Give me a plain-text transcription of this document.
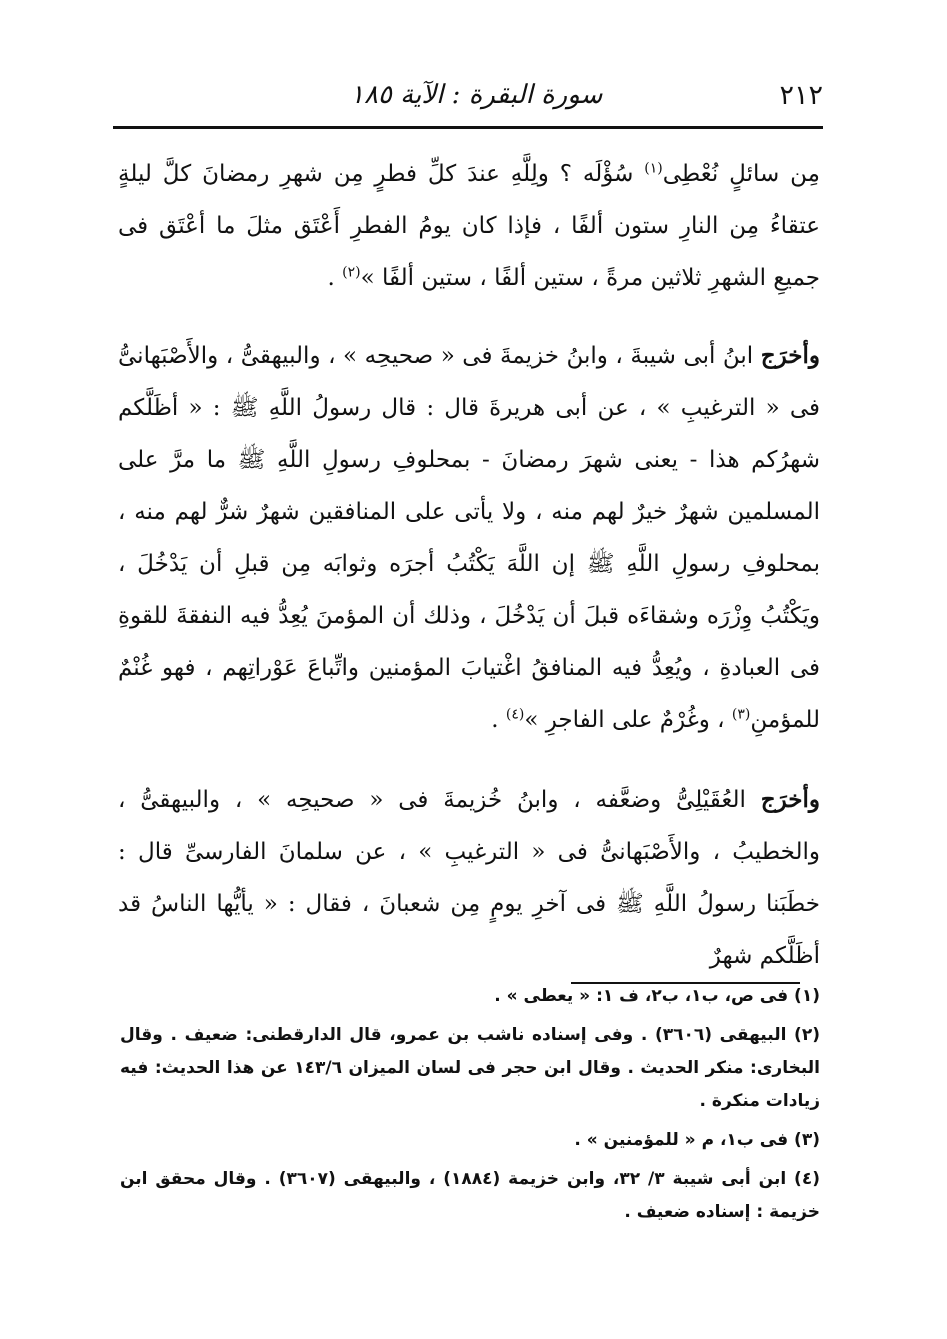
٢١٢
سورة البقرة : الآية ١٨٥

مِن سائلٍ نُعْطِى$^{(١)}$ سُؤْلَه ؟ ولِلَّهِ عندَ كلِّ فطرٍ مِن شهرِ رمضانَ كلَّ ليلةٍ عتقاءُ مِن النارِ ستون ألفًا ، فإذا كان يومُ الفطرِ أَعْتَق مثلَ ما أعْتَق فى جميعِ الشهرِ ثلاثين مرةً ، ستين ألفًا ، ستين ألفًا »$^{(٢)}$ .

وأخرَج ابنُ أبى شيبةَ ، وابنُ خزيمةَ فى « صحيحِه » ، والبيهقىُّ ، والأَصْبَهانىُّ فى « الترغيبِ » ، عن أبى هريرةَ قال : قال رسولُ اللَّهِ ﷺ : « أظَلَّكم شهرُكم هذا - يعنى شهرَ رمضانَ - بمحلوفِ رسولِ اللَّهِ ﷺ ما مرَّ على المسلمين شهرٌ خيرٌ لهم منه ، ولا يأتى على المنافقين شهرٌ شرٌّ لهم منه ، بمحلوفِ رسولِ اللَّهِ ﷺ إن اللَّهَ يَكْتُبُ أجرَه وثوابَه مِن قبلِ أن يَدْخُلَ ، ويَكْتُبُ وِزْرَه وشقاءَه قبلَ أن يَدْخُلَ ، وذلك أن المؤمنَ يُعِدُّ فيه النفقةَ للقوةِ فى العبادةِ ، ويُعِدُّ فيه المنافقُ اغْتيابَ المؤمنين واتِّباعَ عَوْراتِهم ، فهو غُنْمٌ للمؤمنِ$^{(٣)}$ ، وغُرْمٌ على الفاجرِ »$^{(٤)}$ .

وأخرَج العُقَيْلِىُّ وضعَّفه ، وابنُ خُزيمةَ فى « صحيحِه » ، والبيهقىُّ ، والخطيبُ ، والأَصْبَهانىُّ فى « الترغيبِ » ، عن سلمانَ الفارسىِّ قال : خطَبَنا رسولُ اللَّهِ ﷺ فى آخرِ يومٍ مِن شعبانَ ، فقال : « يأيُّها الناسُ قد أظَلَّكم شهرٌ

(١) فى ص، ب١، ب٢، ف ١: « يعطى » .

(٢) البيهقى (٣٦٠٦) . وفى إسناده ناشب بن عمرو، قال الدارقطنى: ضعيف . وقال البخارى: منكر الحديث . وقال ابن حجر فى لسان الميزان ١٤٣/٦ عن هذا الحديث: فيه زيادات منكرة .

(٣) فى ب١، م « للمؤمنين » .

(٤) ابن أبى شيبة ٣/ ٣٢، وابن خزيمة (١٨٨٤) ، والبيهقى (٣٦٠٧) . وقال محقق ابن خزيمة : إسناده ضعيف .
